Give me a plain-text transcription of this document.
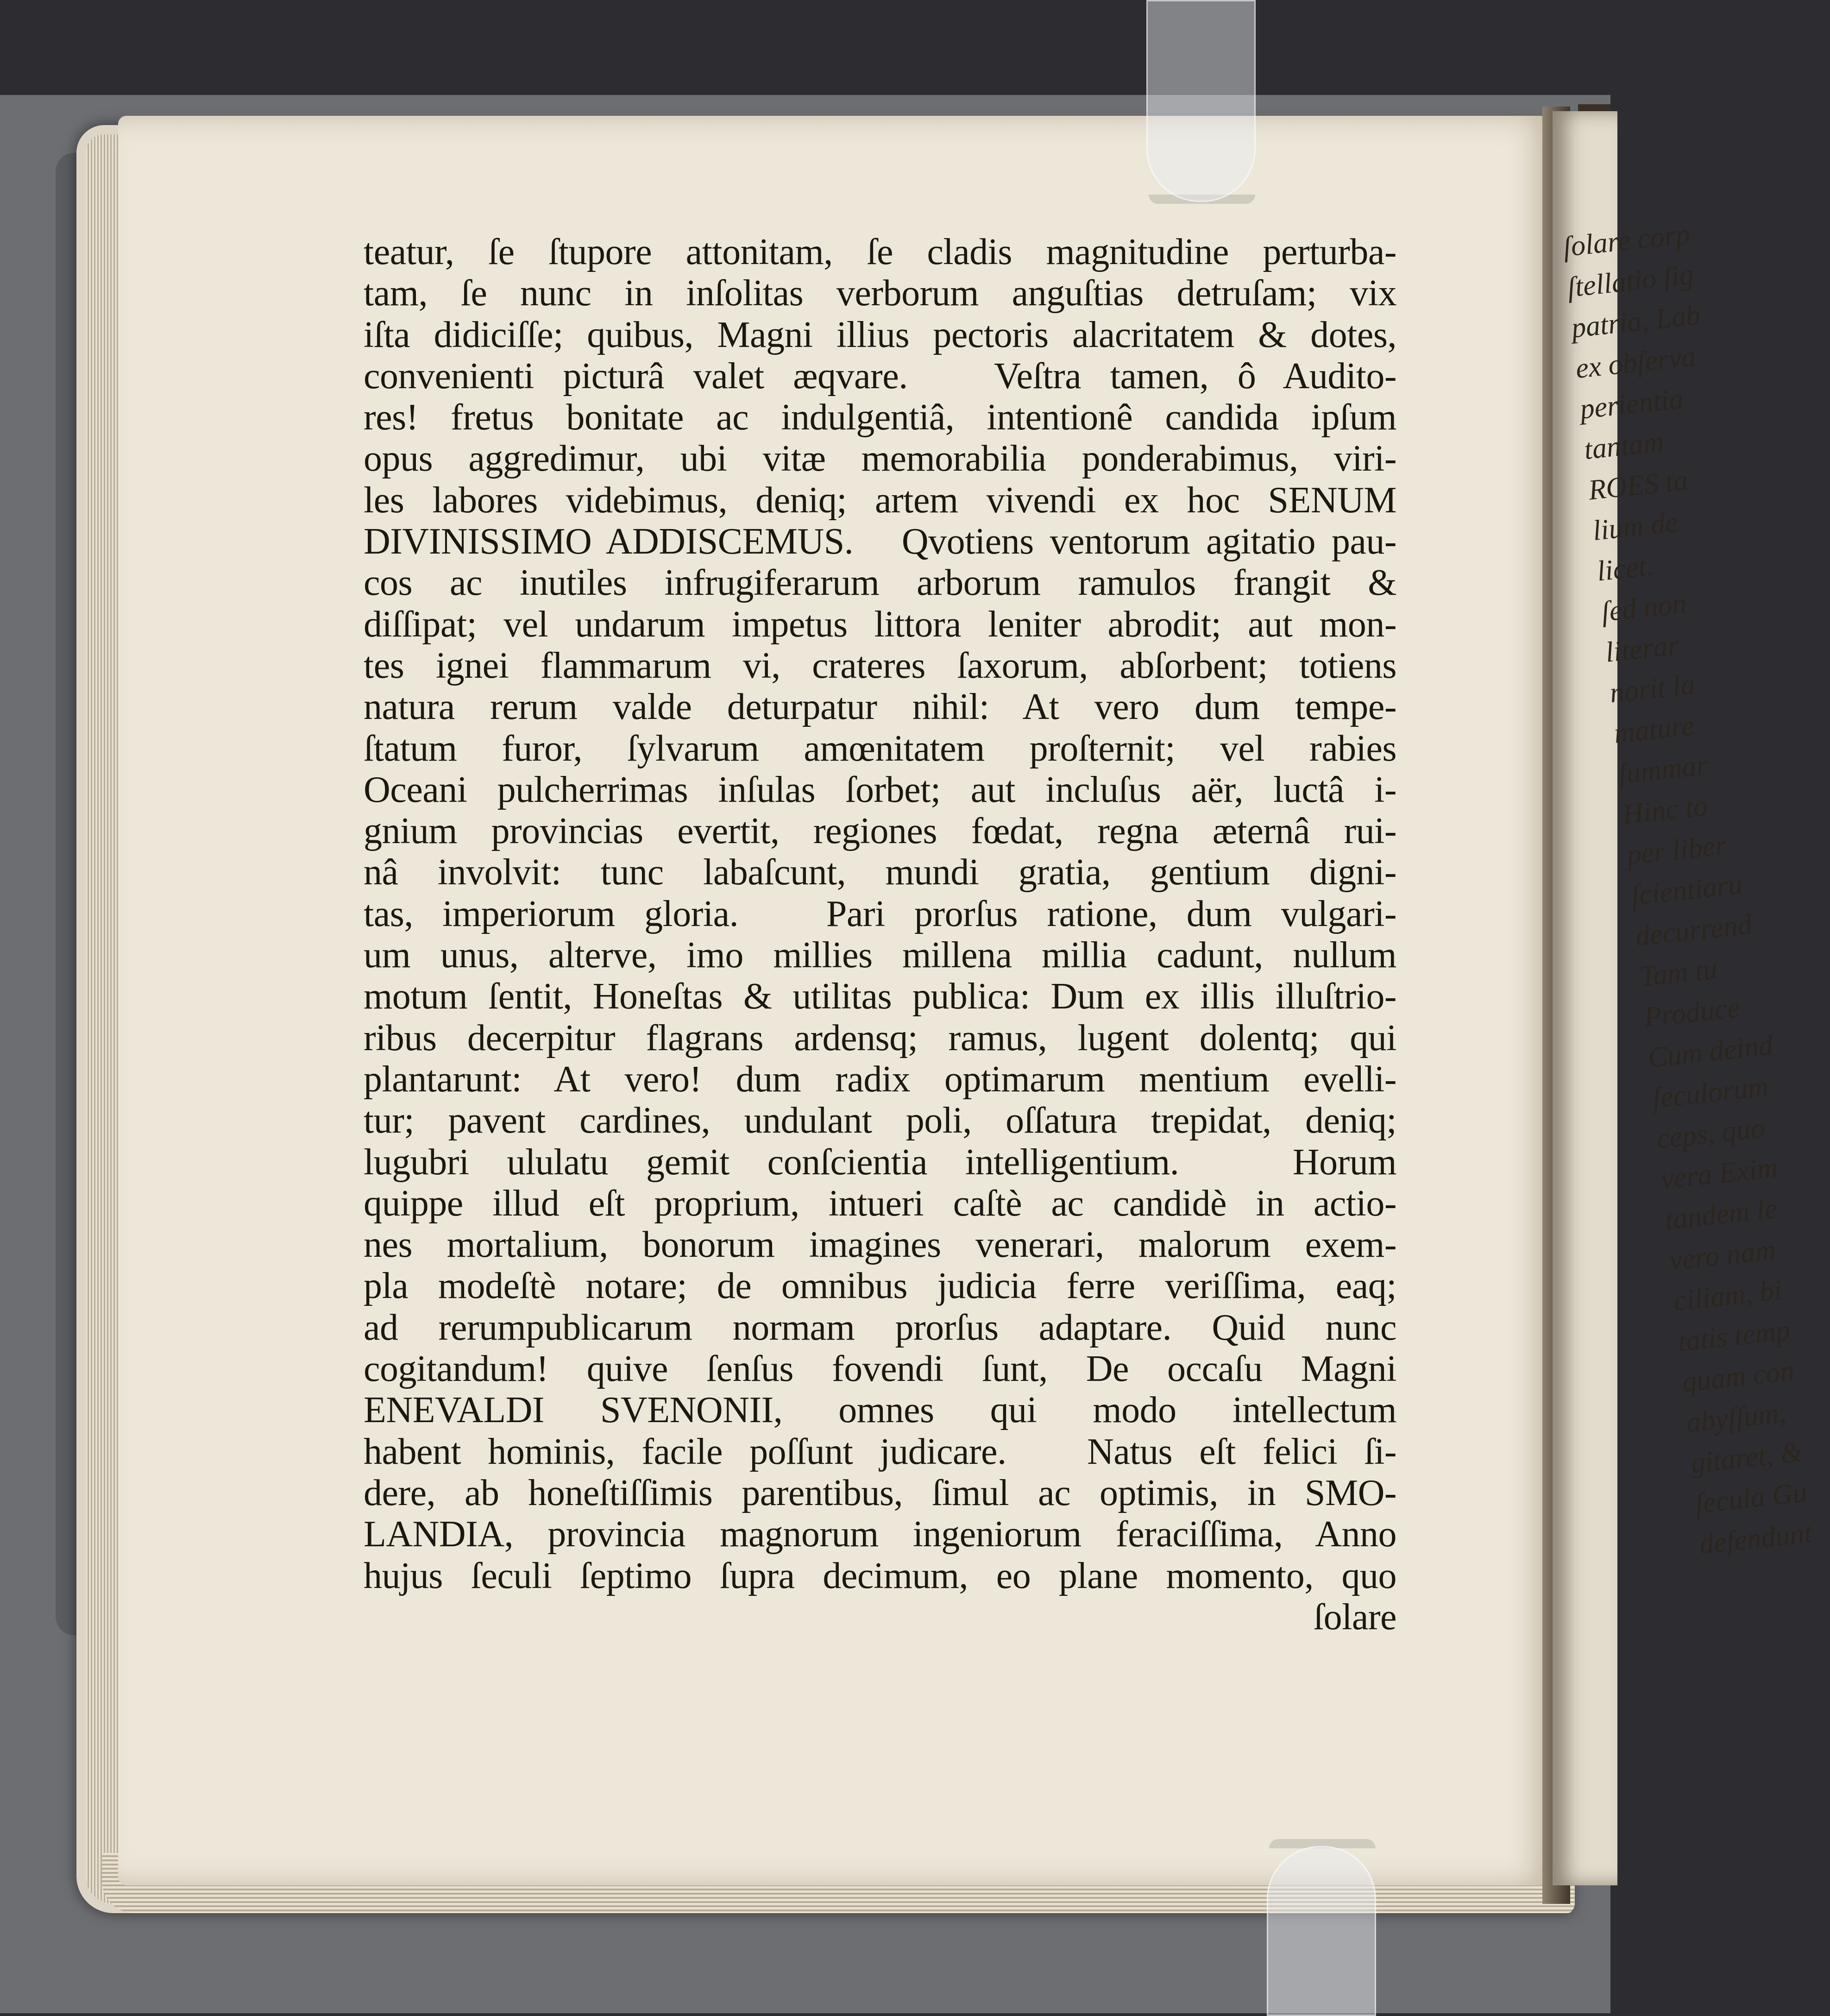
ſolare corp
ſtellatio ſig
patria, Lab
ex obſerva
perientia
tantam
ROES ta
lium de
licet.
ſed non
literar
norit la
mature
ſummar
Hinc to
per liber
ſcientiaru
decurrend
Tam tu
Produce
Cum deind
ſeculorum
ceps, quo
vera Exim
tandem le
vero nam
ciliam, bi
tatis temp
quam con
abyſſum,
gitaret, &
ſecula Gu
defendunt
teatur, ſe ſtupore attonitam, ſe cladis magnitudine perturba-
tam, ſe nunc in inſolitas verborum anguſtias detruſam; vix
iſta didiciſſe; quibus, Magni illius pectoris alacritatem & dotes,
convenienti picturâ valet æqvare.   Veſtra tamen, ô Audito-
res! fretus bonitate ac indulgentiâ, intentionê candida ipſum
opus aggredimur, ubi vitæ memorabilia ponderabimus, viri-
les labores videbimus, deniq; artem vivendi ex hoc SENUM
DIVINISSIMO ADDISCEMUS.   Qvotiens ventorum agitatio pau-
cos ac inutiles infrugiferarum arborum ramulos frangit &
diſſipat; vel undarum impetus littora leniter abrodit; aut mon-
tes ignei flammarum vi, crateres ſaxorum, abſorbent; totiens
natura rerum valde deturpatur nihil: At vero dum tempe-
ſtatum furor, ſylvarum amœnitatem proſternit; vel rabies
Oceani pulcherrimas inſulas ſorbet; aut incluſus aër, luctâ i-
gnium provincias evertit, regiones fœdat, regna æternâ rui-
nâ involvit: tunc labaſcunt, mundi gratia, gentium digni-
tas, imperiorum gloria.   Pari prorſus ratione, dum vulgari-
um unus, alterve, imo millies millena millia cadunt, nullum
motum ſentit, Honeſtas & utilitas publica: Dum ex illis illuſtrio-
ribus decerpitur flagrans ardensq; ramus, lugent dolentq; qui
plantarunt: At vero! dum radix optimarum mentium evelli-
tur; pavent cardines, undulant poli, oſſatura trepidat, deniq;
lugubri ululatu gemit conſcientia intelligentium.   Horum
quippe illud eſt proprium, intueri caſtè ac candidè in actio-
nes mortalium, bonorum imagines venerari, malorum exem-
pla modeſtè notare; de omnibus judicia ferre veriſſima, eaq;
ad rerumpublicarum normam prorſus adaptare. Quid nunc
cogitandum! quive ſenſus fovendi ſunt, De occaſu Magni
ENEVALDI SVENONII, omnes qui modo intellectum
habent hominis, facile poſſunt judicare.   Natus eſt felici ſi-
dere, ab honeſtiſſimis parentibus, ſimul ac optimis, in SMO-
LANDIA, provincia magnorum ingeniorum feraciſſima, Anno
hujus ſeculi ſeptimo ſupra decimum, eo plane momento, quo
ſolare
